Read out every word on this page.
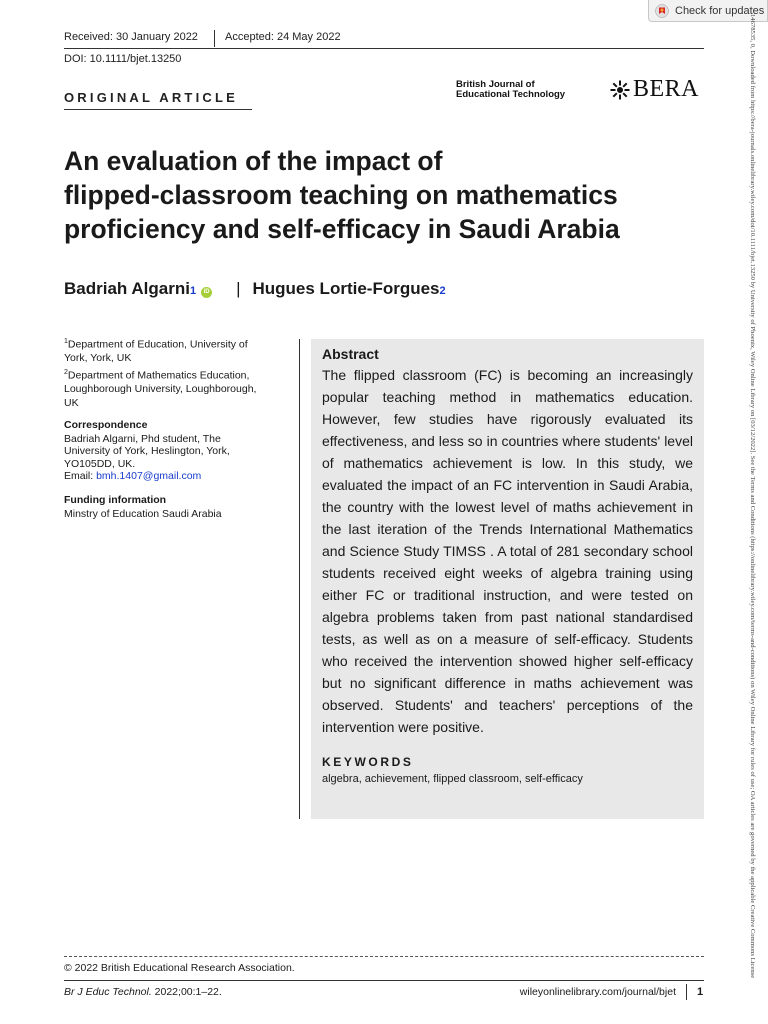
Check for updates
Received: 30 January 2022 Accepted: 24 May 2022
DOI: 10.1111/bjet.13250
ORIGINAL ARTICLE
British Journal of
Educational Technology	BERA
An evaluation of the impact of
flipped-classroom teaching on mathematics
proficiency and self-efficacy in Saudi Arabia
Badriah Algarni 1	iD | Hugues Lortie-Forgues 2
$^1$Department of Education, University of
York, York, UK
$^2$Department of Mathematics Education,
Loughborough University, Loughborough,
UK
Correspondence
Badriah Algarni, Phd student, The
University of York, Heslington, York,
YO105DD, UK.
Email: bmh.1407@gmail.com
Funding information
Minstry of Education Saudi Arabia
Abstract

The flipped classroom (FC) is becoming an increasingly popular teaching method in mathematics education. However, few studies have rigorously evaluated its effectiveness, and less so in countries where students' level of mathematics achievement is low. In this study, we evaluated the impact of an FC intervention in Saudi Arabia, the country with the lowest level of maths achievement in the last iteration of the Trends International Mathematics and Science Study TIMSS . A total of 281 secondary school students received eight weeks of algebra training using either FC or traditional instruction, and were tested on algebra problems taken from past national standardised tests, as well as on a measure of self-efficacy. Students who received the intervention showed higher self-efficacy but no significant difference in maths achievement was observed. Students' and teachers' perceptions of the intervention were positive.

KEYWORDS
algebra, achievement, flipped classroom, self-efficacy
© 2022 British Educational Research Association.
Br J Educ Technol. 2022;00:1–22.	wileyonlinelibrary.com/journal/bjet 1
14678535, 0, Downloaded from https://bera-journals.onlinelibrary.wiley.com/doi/10.1111/bjet.13250 by University of Phoenix, Wiley Online Library on [03/12/2022]. See the Terms and Conditions (https://onlinelibrary.wiley.com/terms-and-conditions) on Wiley Online Library for rules of use; OA articles are governed by the applicable Creative Commons License
